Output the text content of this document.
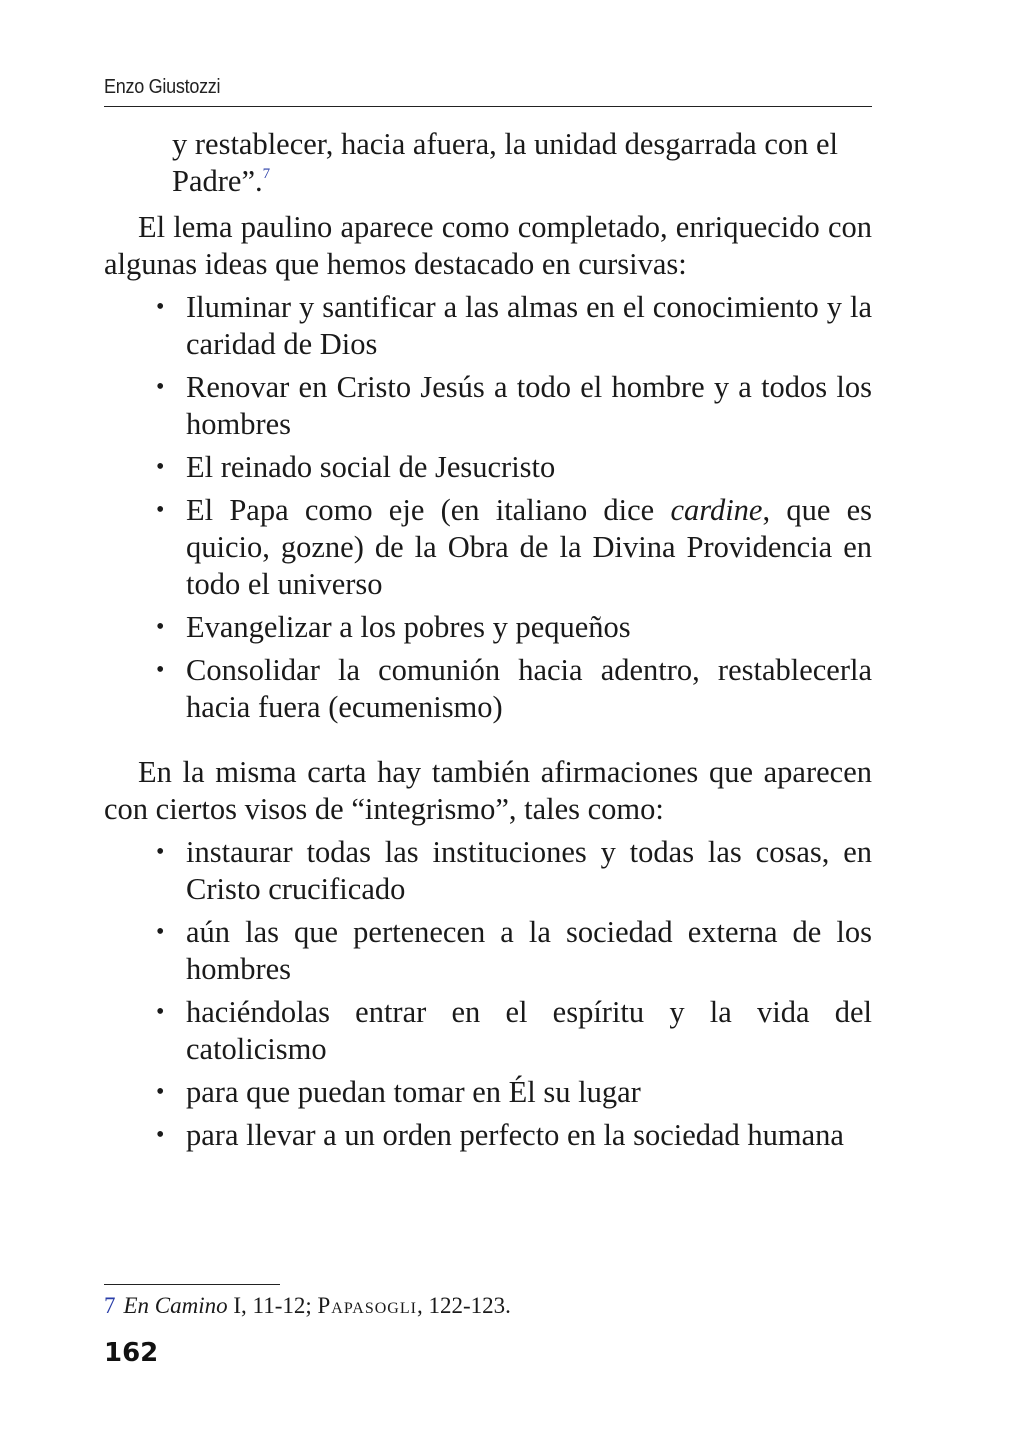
Enzo Giustozzi

y restablecer, hacia afuera, la unidad desgarrada con el Padre”.$^7$

El lema paulino aparece como completado, enriquecido con algunas ideas que hemos destacado en cursivas:

• Iluminar y santificar a las almas en el conocimiento y la caridad de Dios
• Renovar en Cristo Jesús a todo el hombre y a todos los hombres
• El reinado social de Jesucristo
• El Papa como eje (en italiano dice cardine, que es quicio, gozne) de la Obra de la Divina Providencia en todo el universo
• Evangelizar a los pobres y pequeños
• Consolidar la comunión hacia adentro, restablecerla hacia fuera (ecumenismo)

En la misma carta hay también afirmaciones que aparecen con ciertos visos de “integrismo”, tales como:

• instaurar todas las instituciones y todas las cosas, en Cristo crucificado
• aún las que pertenecen a la sociedad externa de los hombres
• haciéndolas entrar en el espíritu y la vida del catolicismo
• para que puedan tomar en Él su lugar
• para llevar a un orden perfecto en la sociedad humana
7 En Camino I, 11-12; Papasogli, 122-123.
162
